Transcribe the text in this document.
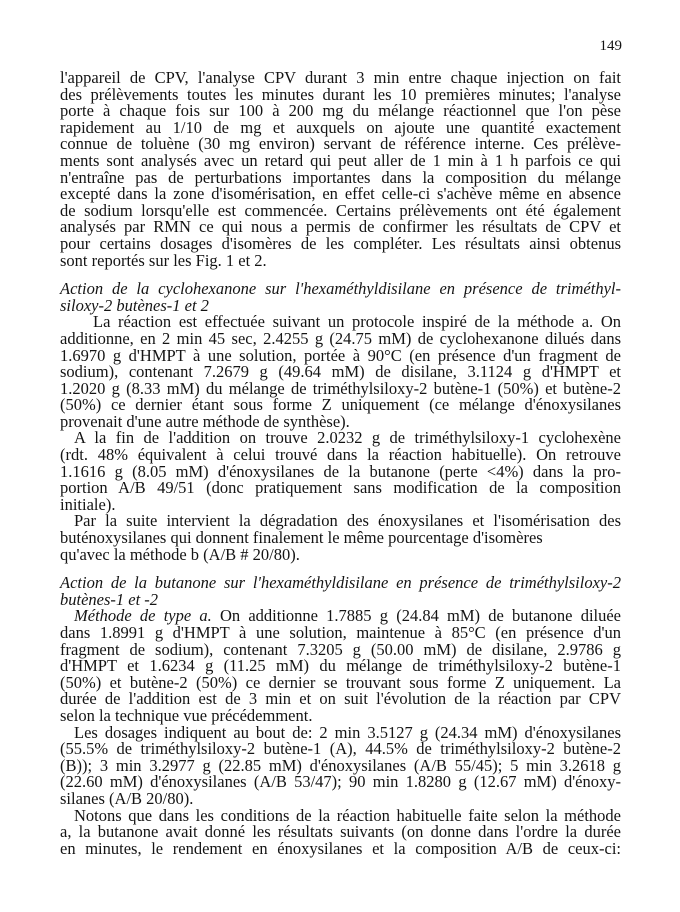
149
l'appareil de CPV, l'analyse CPV durant 3 min entre chaque injection on fait
des prélèvements toutes les minutes durant les 10 premières minutes; l'analyse
porte à chaque fois sur 100 à 200 mg du mélange réactionnel que l'on pèse
rapidement au 1/10 de mg et auxquels on ajoute une quantité exactement
connue de toluène (30 mg environ) servant de référence interne. Ces prélève-
ments sont analysés avec un retard qui peut aller de 1 min à 1 h parfois ce qui
n'entraîne pas de perturbations importantes dans la composition du mélange
excepté dans la zone d'isomérisation, en effet celle-ci s'achève même en absence
de sodium lorsqu'elle est commencée. Certains prélèvements ont été également
analysés par RMN ce qui nous a permis de confirmer les résultats de CPV et
pour certains dosages d'isomères de les compléter. Les résultats ainsi obtenus
sont reportés sur les Fig. 1 et 2.
Action de la cyclohexanone sur l'hexaméthyldisilane en présence de triméthyl-
siloxy-2 butènes-1 et 2
La réaction est effectuée suivant un protocole inspiré de la méthode a. On
additionne, en 2 min 45 sec, 2.4255 g (24.75 mM) de cyclohexanone dilués dans
1.6970 g d'HMPT à une solution, portée à 90°C (en présence d'un fragment de
sodium), contenant 7.2679 g (49.64 mM) de disilane, 3.1124 g d'HMPT et
1.2020 g (8.33 mM) du mélange de triméthylsiloxy-2 butène-1 (50%) et butène-2
(50%) ce dernier étant sous forme Z uniquement (ce mélange d'énoxysilanes
provenait d'une autre méthode de synthèse).
A la fin de l'addition on trouve 2.0232 g de triméthylsiloxy-1 cyclohexène
(rdt. 48% équivalent à celui trouvé dans la réaction habituelle). On retrouve
1.1616 g (8.05 mM) d'énoxysilanes de la butanone (perte <4%) dans la pro-
portion A/B 49/51 (donc pratiquement sans modification de la composition
initiale).
Par la suite intervient la dégradation des énoxysilanes et l'isomérisation des
buténoxysilanes qui donnent finalement le même pourcentage d'isomères
qu'avec la méthode b (A/B # 20/80).
Action de la butanone sur l'hexaméthyldisilane en présence de triméthylsiloxy-2
butènes-1 et -2
Méthode de type a. On additionne 1.7885 g (24.84 mM) de butanone diluée
dans 1.8991 g d'HMPT à une solution, maintenue à 85°C (en présence d'un
fragment de sodium), contenant 7.3205 g (50.00 mM) de disilane, 2.9786 g
d'HMPT et 1.6234 g (11.25 mM) du mélange de triméthylsiloxy-2 butène-1
(50%) et butène-2 (50%) ce dernier se trouvant sous forme Z uniquement. La
durée de l'addition est de 3 min et on suit l'évolution de la réaction par CPV
selon la technique vue précédemment.
Les dosages indiquent au bout de: 2 min 3.5127 g (24.34 mM) d'énoxysilanes
(55.5% de triméthylsiloxy-2 butène-1 (A), 44.5% de triméthylsiloxy-2 butène-2
(B)); 3 min 3.2977 g (22.85 mM) d'énoxysilanes (A/B 55/45); 5 min 3.2618 g
(22.60 mM) d'énoxysilanes (A/B 53/47); 90 min 1.8280 g (12.67 mM) d'énoxy-
silanes (A/B 20/80).
Notons que dans les conditions de la réaction habituelle faite selon la méthode
a, la butanone avait donné les résultats suivants (on donne dans l'ordre la durée
en minutes, le rendement en énoxysilanes et la composition A/B de ceux-ci:
